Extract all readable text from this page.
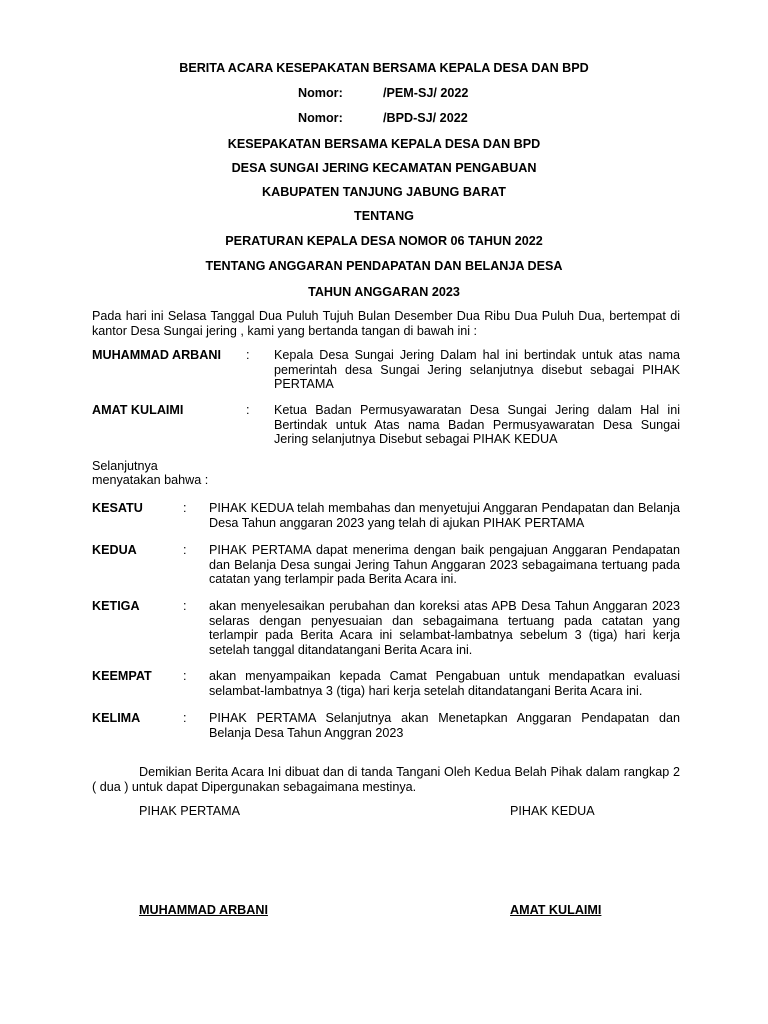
BERITA ACARA KESEPAKATAN BERSAMA KEPALA DESA DAN BPD
Nomor:	/PEM-SJ/ 2022
Nomor:	/BPD-SJ/ 2022
KESEPAKATAN BERSAMA KEPALA DESA DAN BPD
DESA SUNGAI JERING KECAMATAN PENGABUAN
KABUPATEN TANJUNG JABUNG BARAT
TENTANG
PERATURAN KEPALA DESA NOMOR 06 TAHUN 2022
TENTANG ANGGARAN PENDAPATAN DAN BELANJA DESA
TAHUN ANGGARAN 2023
Pada hari ini Selasa Tanggal Dua Puluh Tujuh Bulan Desember Dua Ribu Dua Puluh Dua, bertempat di kantor Desa Sungai jering , kami yang bertanda tangan di bawah ini :
MUHAMMAD ARBANI : Kepala Desa Sungai Jering Dalam hal ini bertindak untuk atas nama pemerintah desa Sungai Jering selanjutnya disebut sebagai PIHAK PERTAMA
AMAT KULAIMI	: Ketua Badan Permusyawaratan Desa Sungai Jering dalam Hal ini Bertindak untuk Atas nama Badan Permusyawaratan Desa Sungai Jering selanjutnya Disebut sebagai PIHAK KEDUA
Selanjutnya
menyatakan bahwa :
KESATU	: PIHAK KEDUA telah membahas dan menyetujui Anggaran Pendapatan dan Belanja Desa Tahun anggaran 2023 yang telah di ajukan PIHAK PERTAMA
KEDUA	: PIHAK PERTAMA dapat menerima dengan baik pengajuan Anggaran Pendapatan dan Belanja Desa sungai Jering Tahun Anggaran 2023 sebagaimana tertuang pada catatan yang terlampir pada Berita Acara ini.
KETIGA	: akan menyelesaikan perubahan dan koreksi atas APB Desa Tahun Anggaran 2023 selaras dengan penyesuaian dan sebagaimana tertuang pada catatan yang terlampir pada Berita Acara ini selambat-lambatnya sebelum 3 (tiga) hari kerja setelah tanggal ditandatangani Berita Acara ini.
KEEMPAT : akan menyampaikan kepada Camat Pengabuan untuk mendapatkan evaluasi selambat-lambatnya 3 (tiga) hari kerja setelah ditandatangani Berita Acara ini.
KELIMA	: PIHAK PERTAMA Selanjutnya akan Menetapkan Anggaran Pendapatan dan Belanja Desa Tahun Anggran 2023
Demikian Berita Acara Ini dibuat dan di tanda Tangani Oleh Kedua Belah Pihak dalam rangkap 2 ( dua ) untuk dapat Dipergunakan sebagaimana mestinya.
PIHAK PERTAMA	PIHAK KEDUA
MUHAMMAD ARBANI	AMAT KULAIMI
